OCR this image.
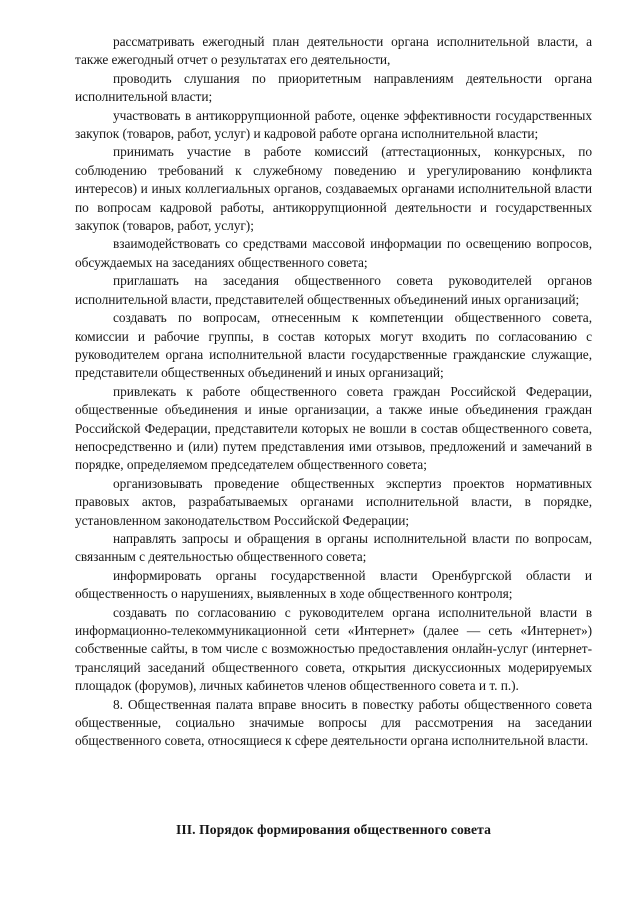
рассматривать ежегодный план деятельности органа исполнительной власти, а также ежегодный отчет о результатах его деятельности,

проводить слушания по приоритетным направлениям деятельности органа исполнительной власти;

участвовать в антикоррупционной работе, оценке эффективности государственных закупок (товаров, работ, услуг) и кадровой работе органа исполнительной власти;

принимать участие в работе комиссий (аттестационных, конкурсных, по соблюдению требований к служебному поведению и урегулированию конфликта интересов) и иных коллегиальных органов, создаваемых органами исполнительной власти по вопросам кадровой работы, антикоррупционной деятельности и государственных закупок (товаров, работ, услуг);

взаимодействовать со средствами массовой информации по освещению вопросов, обсуждаемых на заседаниях общественного совета;

приглашать на заседания общественного совета руководителей органов исполнительной власти, представителей общественных объединений иных организаций;

создавать по вопросам, отнесенным к компетенции общественного совета, комиссии и рабочие группы, в состав которых могут входить по согласованию с руководителем органа исполнительной власти государственные гражданские служащие, представители общественных объединений и иных организаций;

привлекать к работе общественного совета граждан Российской Федерации, общественные объединения и иные организации, а также иные объединения граждан Российской Федерации, представители которых не вошли в состав общественного совета, непосредственно и (или) путем представления ими отзывов, предложений и замечаний в порядке, определяемом председателем общественного совета;

организовывать проведение общественных экспертиз проектов нормативных правовых актов, разрабатываемых органами исполнительной власти, в порядке, установленном законодательством Российской Федерации;

направлять запросы и обращения в органы исполнительной власти по вопросам, связанным с деятельностью общественного совета;

информировать органы государственной власти Оренбургской области и общественность о нарушениях, выявленных в ходе общественного контроля;

создавать по согласованию с руководителем органа исполнительной власти в информационно-телекоммуникационной сети «Интернет» (далее — сеть «Интернет») собственные сайты, в том числе с возможностью предоставления онлайн-услуг (интернет-трансляций заседаний общественного совета, открытия дискуссионных модерируемых площадок (форумов), личных кабинетов членов общественного совета и т. п.).

8. Общественная палата вправе вносить в повестку работы общественного совета общественные, социально значимые вопросы для рассмотрения на заседании общественного совета, относящиеся к сфере деятельности органа исполнительной власти.

III. Порядок формирования общественного совета
